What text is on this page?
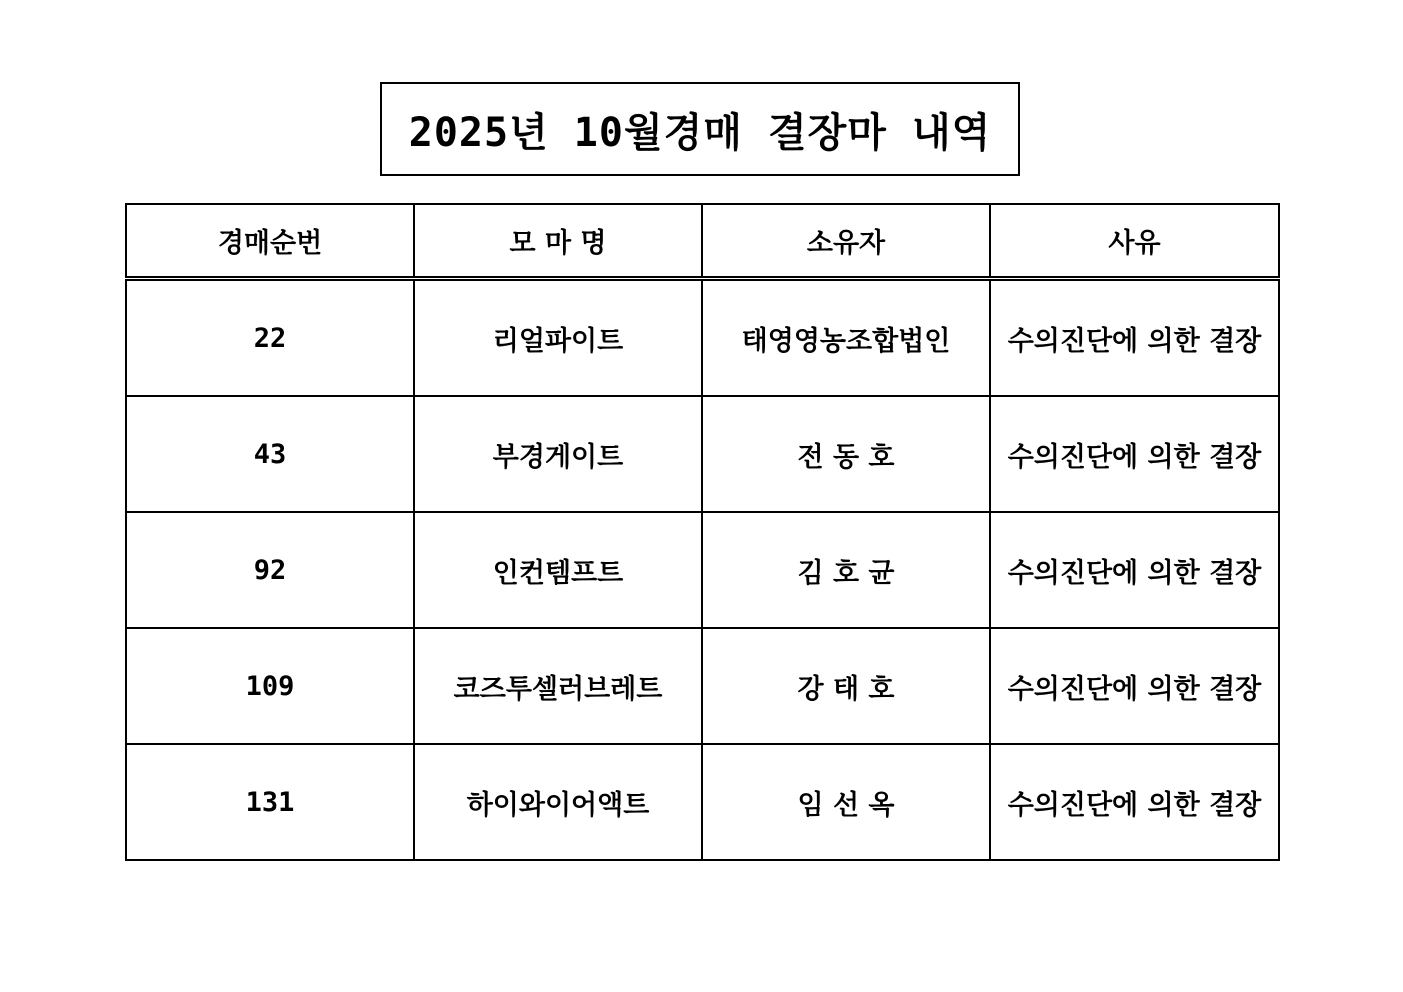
2025년 10월경매 결장마 내역
경매순번	모 마 명	소유자	사유
22	리얼파이트	태영영농조합법인	수의진단에 의한 결장
43	부경게이트	전 동 호	수의진단에 의한 결장
92	인컨템프트	김 호 균	수의진단에 의한 결장
109	코즈투셀러브레트	강 태 호	수의진단에 의한 결장
131	하이와이어액트	임 선 옥	수의진단에 의한 결장
